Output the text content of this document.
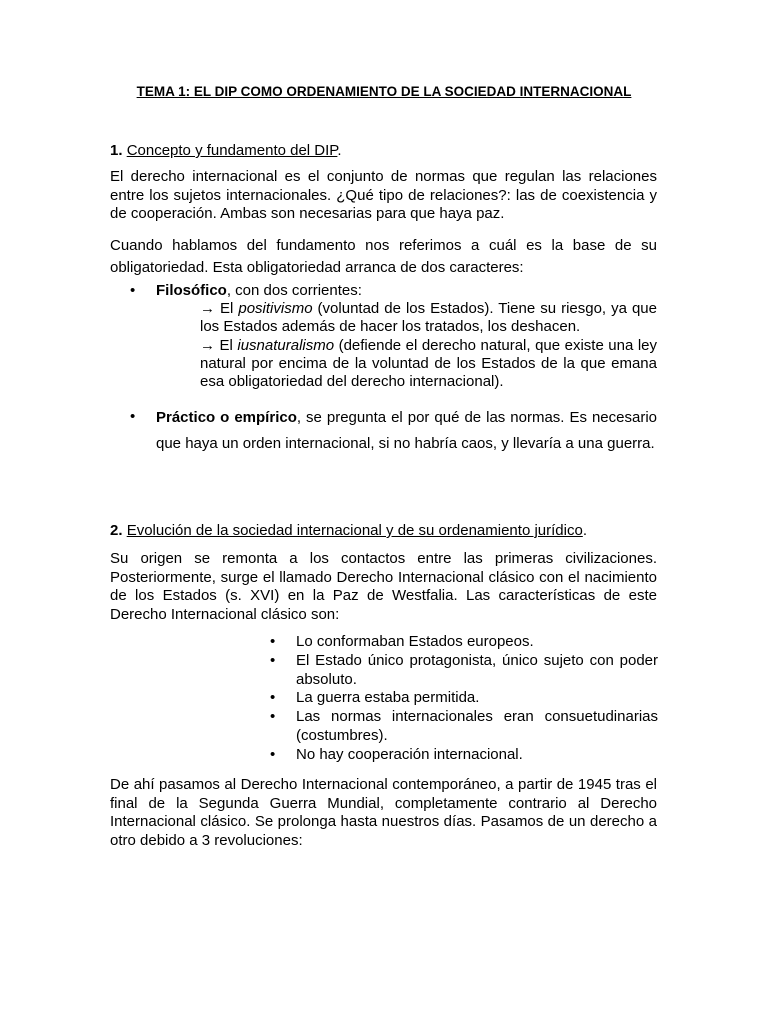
TEMA 1: EL DIP COMO ORDENAMIENTO DE LA SOCIEDAD INTERNACIONAL
1. Concepto y fundamento del DIP.

El derecho internacional es el conjunto de normas que regulan las relaciones entre los sujetos internacionales. ¿Qué tipo de relaciones?: las de coexistencia y de cooperación. Ambas son necesarias para que haya paz.

Cuando hablamos del fundamento nos referimos a cuál es la base de su obligatoriedad. Esta obligatoriedad arranca de dos caracteres:

• Filosófico, con dos corrientes:
→ El positivismo (voluntad de los Estados). Tiene su riesgo, ya que los Estados además de hacer los tratados, los deshacen.
→ El iusnaturalismo (defiende el derecho natural, que existe una ley natural por encima de la voluntad de los Estados de la que emana esa obligatoriedad del derecho internacional).
• Práctico o empírico, se pregunta el por qué de las normas. Es necesario que haya un orden internacional, si no habría caos, y llevaría a una guerra.
2. Evolución de la sociedad internacional y de su ordenamiento jurídico.

Su origen se remonta a los contactos entre las primeras civilizaciones. Posteriormente, surge el llamado Derecho Internacional clásico con el nacimiento de los Estados (s. XVI) en la Paz de Westfalia. Las características de este Derecho Internacional clásico son:

• Lo conformaban Estados europeos.
• El Estado único protagonista, único sujeto con poder absoluto.
• La guerra estaba permitida.
• Las normas internacionales eran consuetudinarias (costumbres).
• No hay cooperación internacional.

De ahí pasamos al Derecho Internacional contemporáneo, a partir de 1945 tras el final de la Segunda Guerra Mundial, completamente contrario al Derecho Internacional clásico. Se prolonga hasta nuestros días. Pasamos de un derecho a otro debido a 3 revoluciones:
